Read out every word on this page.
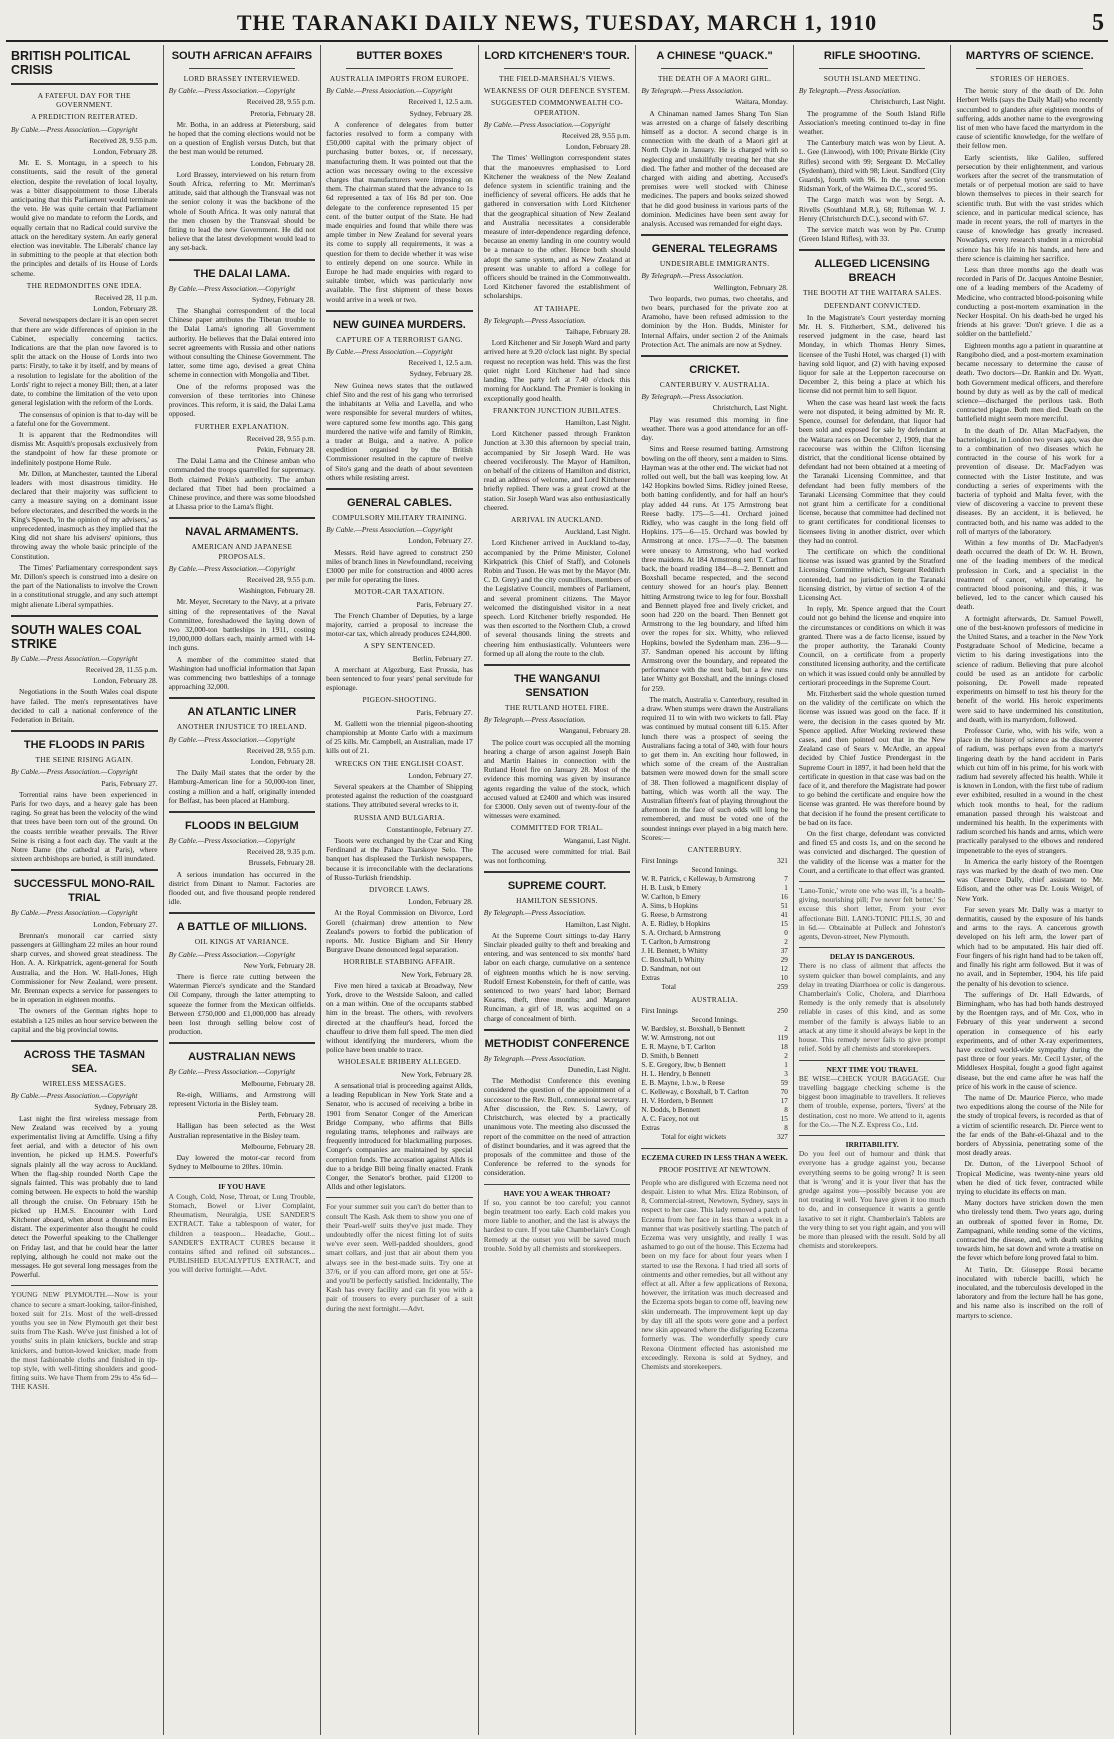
THE TARANAKI DAILY NEWS, TUESDAY, MARCH 1, 1910	5
BRITISH POLITICAL CRISIS
A FATEFUL DAY FOR THE GOVERNMENT.
A PREDICTION REITERATED.
By Cable.—Press Association.—Copyright
Received 28, 9.55 p.m.
London, February 28.

Mr. E. S. Montagu, in a speech to his constituents, said the result of the general election, despite the revelation of local loyalty, was a bitter disappointment to those Liberals anticipating that this Parliament would terminate the veto. He was quite certain that Parliament would give no mandate to reform the Lords, and equally certain that no Radical could survive the attack on the hereditary system. An early general election was inevitable. The Liberals' chance lay in submitting to the people at that election both the principles and details of its House of Lords scheme.

THE REDMONDITES ONE IDEA.
Received 28, 11 p.m.
London, February 28.

Several newspapers declare it is an open secret that there are wide differences of opinion in the Cabinet, especially concerning tactics. Indications are that the plan now favored is to split the attack on the House of Lords into two parts: Firstly, to take it by itself, and by means of a resolution to legislate for the abolition of the Lords' right to reject a money Bill; then, at a later date, to combine the limitation of the veto upon general legislation with the reform of the Lords.

The consensus of opinion is that to-day will be a fateful one for the Government.

It is apparent that the Redmondites will dismiss Mr. Asquith's proposals exclusively from the standpoint of how far these promote or indefinitely postpone Home Rule.

Mr. Dillon, at Manchester, taunted the Liberal leaders with most disastrous timidity. He declared that their majority was sufficient to carry a measure saying on a dominant issue before electorates, and described the words in the King's Speech, 'in the opinion of my advisers,' as unprecedented, inasmuch as they implied that the King did not share his advisers' opinions, thus throwing away the whole basic principle of the Constitution.

The Times' Parliamentary correspondent says Mr. Dillon's speech is construed into a desire on the part of the Nationalists to involve the Crown in a constitutional struggle, and any such attempt might alienate Liberal sympathies.

SOUTH WALES COAL STRIKE
By Cable.—Press Association.—Copyright
Received 28, 11.55 p.m.
London, February 28.

Negotiations in the South Wales coal dispute have failed. The men's representatives have decided to call a national conference of the Federation in Britain.

THE FLOODS IN PARIS
THE SEINE RISING AGAIN.
By Cable.—Press Association.—Copyright
Paris, February 27.

Torrential rains have been experienced in Paris for two days, and a heavy gale has been raging. So great has been the velocity of the wind that trees have been torn out of the ground. On the coasts terrible weather prevails. The River Seine is rising a foot each day. The vault at the Notre Dame (the cathedral at Paris), where sixteen archbishops are buried, is still inundated.

SUCCESSFUL MONO-RAIL TRIAL
By Cable.—Press Association.—Copyright
London, February 27.

Brennan's monorail car carried sixty passengers at Gillingham 22 miles an hour round sharp curves, and showed great steadiness. The Hon. A. A. Kirkpatrick, agent-general for South Australia, and the Hon. W. Hall-Jones, High Commissioner for New Zealand, were present. Mr. Brennan expects a service for passengers to be in operation in eighteen months.

The owners of the German rights hope to establish a 125 miles an hour service between the capital and the big provincial towns.

ACROSS THE TASMAN SEA.
WIRELESS MESSAGES.
By Cable.—Press Association.—Copyright
Sydney, February 28.

Last night the first wireless message from New Zealand was received by a young experimentalist living at Arncliffe. Using a fifty feet aerial, and with a detector of his own invention, he picked up H.M.S. Powerful's signals plainly all the way across to Auckland. When the flag-ship rounded North Cape the signals fainted. This was probably due to land coming between. He expects to hold the warship all through the cruise. On February 15th he picked up H.M.S. Encounter with Lord Kitchener aboard, when about a thousand miles distant. The experimenter also thought he could detect the Powerful speaking to the Challenger on Friday last, and that he could hear the latter replying, although he could not make out the messages. He got several long messages from the Powerful.

YOUNG NEW PLYMOUTH.—Now is your chance to secure a smart-looking, tailor-finished, boxed suit for 21s. Most of the well-dressed youths you see in New Plymouth get their best suits from The Kash. We've just finished a lot of youths' suits in plain knickers, buckle and strap knickers, and button-lowed knicker, made from the most fashionable cloths and finished in tip-top style, with well-fitting shoulders and good-fitting suits. We have Them from 29s to 45s 6d—THE KASH.

SOUTH AFRICAN AFFAIRS
LORD BRASSEY INTERVIEWED.
By Cable.—Press Association.—Copyright
Received 28, 9.55 p.m.
Pretoria, February 28.

Mr. Botha, in an address at Pietersburg, said he hoped that the coming elections would not be on a question of English versus Dutch, but that the best man would be returned.

London, February 28.

Lord Brassey, interviewed on his return from South Africa, referring to Mr. Merriman's attitude, said that although the Transvaal was not the senior colony it was the backbone of the whole of South Africa. It was only natural that the men chosen by the Transvaal should be fitting to lead the new Government. He did not believe that the latest development would lead to any set-back.

THE DALAI LAMA.
By Cable.—Press Association.—Copyright
Sydney, February 28.

The Shanghai correspondent of the local Chinese paper attributes the Tibetan trouble to the Dalai Lama's ignoring all Government authority. He believes that the Dalai entered into secret agreements with Russia and other nations without consulting the Chinese Government. The latter, some time ago, devised a great China scheme in connection with Mongolia and Tibet.

One of the reforms proposed was the conversion of these territories into Chinese provinces. This reform, it is said, the Dalai Lama opposed.

FURTHER EXPLANATION.
Received 28, 9.55 p.m.
Pekin, February 28.

The Dalai Lama and the Chinese amban who commanded the troops quarrelled for supremacy. Both claimed Pekin's authority. The amban declared that Tibet had been proclaimed a Chinese province, and there was some bloodshed at Lhassa prior to the Lama's flight.

NAVAL ARMAMENTS.
AMERICAN AND JAPANESE PROPOSALS.
By Cable.—Press Association.—Copyright
Received 28, 9.55 p.m.
Washington, February 28.

Mr. Meyer, Secretary to the Navy, at a private sitting of the representatives of the Naval Committee, foreshadowed the laying down of two 32,000-ton battleships in 1911, costing 19,000,000 dollars each, mainly armed with 14-inch guns.

A member of the committee stated that Washington had unofficial information that Japan was commencing two battleships of a tonnage approaching 32,000.

AN ATLANTIC LINER
ANOTHER INJUSTICE TO IRELAND.
By Cable.—Press Association.—Copyright
Received 28, 9.55 p.m.
London, February 28.

The Daily Mail states that the order by the Hamburg-American line for a 50,000-ton liner, costing a million and a half, originally intended for Belfast, has been placed at Hamburg.

FLOODS IN BELGIUM
By Cable.—Press Association.—Copyright
Received 28, 9.35 p.m.
Brussels, February 28.

A serious inundation has occurred in the district from Dinant to Namur. Factories are flooded out, and five thousand people rendered idle.

A BATTLE OF MILLIONS.
OIL KINGS AT VARIANCE.
By Cable.—Press Association.—Copyright
New York, February 28.

There is fierce rate cutting between the Waterman Pierce's syndicate and the Standard Oil Company, through the latter attempting to squeeze the former from the Mexican oilfields. Between £750,000 and £1,000,000 has already been lost through selling below cost of production.

AUSTRALIAN NEWS
By Cable.—Press Association.—Copyright
Melbourne, February 28.

Re-eigh, Williams, and Armstrong will represent Victoria in the Bisley team.

Perth, February 28.

Halligan has been selected as the West Australian representative in the Bisley team.

Melbourne, February 28.

Day lowered the motor-car record from Sydney to Melbourne to 20hrs. 10min.

IF YOU HAVE

A Cough, Cold, Nose, Throat, or Lung Trouble, Stomach, Bowel or Liver Complaint, Rheumatism, Neuralgia, USE SANDER'S EXTRACT. Take a tablespoon of water, for children a teaspoon... Headache, Gout... SANDER'S EXTRACT CURES because it contains sifted and refined oil substances... PUBLISHED EUCALYPTUS EXTRACT, and you will derive fortnight.—Advt.

BUTTER BOXES
AUSTRALIA IMPORTS FROM EUROPE.
By Cable.—Press Association.—Copyright
Received 1, 12.5 a.m.
Sydney, February 28.

A conference of delegates from butter factories resolved to form a company with £50,000 capital with the primary object of purchasing butter boxes, or, if necessary, manufacturing them. It was pointed out that the action was necessary owing to the excessive charges that manufacturers were imposing on them. The chairman stated that the advance to 1s 6d represented a tax of 16s 8d per ton. One delegate to the conference represented 15 per cent. of the butter output of the State. He had made enquiries and found that while there was ample timber in New Zealand for several years its come to supply all requirements, it was a question for them to decide whether it was wise to entirely depend on one source. While in Europe he had made enquiries with regard to suitable timber, which was particularly now available. The first shipment of these boxes would arrive in a week or two.

NEW GUINEA MURDERS.
CAPTURE OF A TERRORIST GANG.
By Cable.—Press Association.—Copyright
Received 1, 12.5 a.m.
Sydney, February 28.

New Guinea news states that the outlawed chief Sito and the rest of his gang who terrorised the inhabitants at Velia and Lavella, and who were responsible for several murders of whites, were captured some few months ago. This gang murdered the native wife and family of Rimkin, a trader at Buiga, and a native. A police expedition organised by the British Commissioner resulted in the capture of twelve of Sito's gang and the death of about seventeen others while resisting arrest.

GENERAL CABLES.
COMPULSORY MILITARY TRAINING.
By Cable.—Press Association.—Copyright
London, February 27.

Messrs. Reid have agreed to construct 250 miles of branch lines in Newfoundland, receiving £3000 per mile for construction and 4000 acres per mile for operating the lines.

MOTOR-CAR TAXATION.
Paris, February 27.

The French Chamber of Deputies, by a large majority, carried a proposal to increase the motor-car tax, which already produces £244,800.

A SPY SENTENCED.
Berlin, February 27.

A merchant at Algezburg, East Prussia, has been sentenced to four years' penal servitude for espionage.

PIGEON-SHOOTING.
Paris, February 27.

M. Galletti won the triennial pigeon-shooting championship at Monte Carlo with a maximum of 25 kills. Mr. Campbell, an Australian, made 17 kills out of 21.

WRECKS ON THE ENGLISH COAST.
London, February 27.

Several speakers at the Chamber of Shipping protested against the reduction of the coastguard stations. They attributed several wrecks to it.

RUSSIA AND BULGARIA.
Constantinople, February 27.

Tsoots were exchanged by the Czar and King Ferdinand at the Palace Tsarskoye Selo. The banquet has displeased the Turkish newspapers, because it is irreconcilable with the declarations of Russo-Turkish friendship.

DIVORCE LAWS.
London, February 28.

At the Royal Commission on Divorce, Lord Gorell (chairman) drew attention to New Zealand's powers to forbid the publication of reports. Mr. Justice Bigham and Sir Henry Burgrave Deane denounced legal separation.

HORRIBLE STABBING AFFAIR.
New York, February 28.

Five men hired a taxicab at Broadway, New York, drove to the Westside Saloon, and called on a man within. One of the occupants stabbed him in the breast. The others, with revolvers directed at the chauffeur's head, forced the chauffeur to drive them full speed. The men died without identifying the murderers, whom the police have been unable to trace.

WHOLESALE BRIBERY ALLEGED.
New York, February 28.

A sensational trial is proceeding against Allds, a leading Republican in New York State and a Senator, who is accused of receiving a bribe in 1901 from Senator Conger of the American Bridge Company, who affirms that Bills regulating trams, telephones and railways are frequently introduced for blackmailing purposes. Conger's companies are maintained by special corruption funds. The accusation against Allds is due to a bridge Bill being finally enacted. Frank Conger, the Senator's brother, paid £1200 to Allds and other legislators.

For your summer suit you can't do better than to consult The Kash. Ask them to show you one of their 'Pearl-well' suits they've just made. They undoubtedly offer the nicest fitting lot of suits we've ever seen. Well-padded shoulders, good smart collars, and just that air about them you always see in the best-made suits. Try one at 37/6, or if you can afford more, get one at 55/- and you'll be perfectly satisfied. Incidentally, The Kash has every facility and can fit you with a pair of trousers to every purchaser of a suit during the next fortnight.—Advt.

LORD KITCHENER'S TOUR.
THE FIELD-MARSHAL'S VIEWS.
WEAKNESS OF OUR DEFENCE SYSTEM.
SUGGESTED COMMONWEALTH CO-OPERATION.
By Cable.—Press Association.—Copyright
Received 28, 9.55 p.m.
London, February 28.

The Times' Wellington correspondent states that the manoeuvres emphasised to Lord Kitchener the weakness of the New Zealand defence system in scientific training and the inefficiency of several officers. He adds that he gathered in conversation with Lord Kitchener that the geographical situation of New Zealand and Australia necessitates a considerable measure of inter-dependence regarding defence, because an enemy landing in one country would be a menace to the other. Hence both should adopt the same system, and as New Zealand at present was unable to afford a college for officers should be trained in the Commonwealth. Lord Kitchener favored the establishment of scholarships.

AT TAIHAPE.
By Telegraph.—Press Association.
Taihape, February 28.

Lord Kitchener and Sir Joseph Ward and party arrived here at 9.20 o'clock last night. By special request no reception was held. This was the first quiet night Lord Kitchener had had since landing. The party left at 7.40 o'clock this morning for Auckland. The Premier is looking in exceptionally good health.

FRANKTON JUNCTION JUBILATES.
Hamilton, Last Night.

Lord Kitchener passed through Frankton Junction at 3.30 this afternoon by special train, accompanied by Sir Joseph Ward. He was cheered vociferously. The Mayor of Hamilton, on behalf of the citizens of Hamilton and district, read an address of welcome, and Lord Kitchener briefly replied. There was a great crowd at the station. Sir Joseph Ward was also enthusiastically cheered.

ARRIVAL IN AUCKLAND.
Auckland, Last Night.

Lord Kitchener arrived in Auckland to-day, accompanied by the Prime Minister, Colonel Kirkpatrick (his Chief of Staff), and Colonels Robin and Tuson. He was met by the Mayor (Mr. C. D. Grey) and the city councillors, members of the Legislative Council, members of Parliament, and several prominent citizens. The Mayor welcomed the distinguished visitor in a neat speech. Lord Kitchener briefly responded. He was then escorted to the Northern Club, a crowd of several thousands lining the streets and cheering him enthusiastically. Volunteers were formed up all along the route to the club.

THE WANGANUI SENSATION
THE RUTLAND HOTEL FIRE.
By Telegraph.—Press Association.
Wanganui, February 28.

The police court was occupied all the morning hearing a charge of arson against Joseph Bain and Martin Haines in connection with the Rutland Hotel fire on January 28. Most of the evidence this morning was given by insurance agents regarding the value of the stock, which accused valued at £2400 and which was insured for £3000. Only seven out of twenty-four of the witnesses were examined.

COMMITTED FOR TRIAL.
Wanganui, Last Night.

The accused were committed for trial. Bail was not forthcoming.

SUPREME COURT.
HAMILTON SESSIONS.
By Telegraph.—Press Association.
Hamilton, Last Night.

At the Supreme Court sittings to-day Harry Sinclair pleaded guilty to theft and breaking and entering, and was sentenced to six months' hard labor on each charge, cumulative on a sentence of eighteen months which he is now serving. Rudolf Ernest Kobenstein, for theft of cattle, was sentenced to two years' hard labor; Bernard Kearns, theft, three months; and Margaret Runciman, a girl of 18, was acquitted on a charge of concealment of birth.

METHODIST CONFERENCE
By Telegraph.—Press Association.
Dunedin, Last Night.

The Methodist Conference this evening considered the question of the appointment of a successor to the Rev. Bull, connexional secretary. After discussion, the Rev. S. Lawry, of Christchurch, was elected by a practically unanimous vote. The meeting also discussed the report of the committee on the need of attraction of distinct boundaries, and it was agreed that the proposals of the committee and those of the Conference be referred to the synods for consideration.

HAVE YOU A WEAK THROAT?

If so, you cannot be too careful; you cannot begin treatment too early. Each cold makes you more liable to another, and the last is always the hardest to cure. If you take Chamberlain's Cough Remedy at the outset you will be saved much trouble. Sold by all chemists and storekeepers.

A CHINESE "QUACK."
THE DEATH OF A MAORI GIRL.
By Telegraph.—Press Association.
Waitara, Monday.

A Chinaman named James Shang Ton Sian was arrested on a charge of falsely describing himself as a doctor. A second charge is in connection with the death of a Maori girl at North Clyde in January. He is charged with so neglecting and unskillfully treating her that she died. The father and mother of the deceased are charged with aiding and abetting. Accused's premises were well stocked with Chinese medicines. The papers and books seized showed that he did good business in various parts of the dominion. Medicines have been sent away for analysis. Accused was remanded for eight days.

GENERAL TELEGRAMS
UNDESIRABLE IMMIGRANTS.
By Telegraph.—Press Association.
Wellington, February 28.

Two leopards, two pumas, two cheetahs, and two bears, purchased for the private zoo at Aramoho, have been refused admission to the dominion by the Hon. Budds, Minister for Internal Affairs, under section 2 of the Animals Protection Act. The animals are now at Sydney.

CRICKET.
CANTERBURY V. AUSTRALIA.
By Telegraph.—Press Association.
Christchurch, Last Night.

Play was resumed this morning in fine weather. There was a good attendance for an off-day.

Sims and Reese resumed batting. Armstrong bowling on the off theory, sent a maiden to Sims. Hayman was at the other end. The wicket had not rolled out well, but the ball was keeping low. At 142 Hopkins bowled Sims. Ridley joined Reese, both batting confidently, and for half an hour's play added 44 runs. At 175 Armstrong beat Reese badly. 175—5—41. Orchard joined Ridley, who was caught in the long field off Hopkins. 175—6—15. Orchard was bowled by Armstrong at once. 175—7—0. The batsmen were uneasy to Armstrong, who had worked three maidens. At 184 Armstrong sent T. Carlton back, the board reading 184—8—2. Bennett and Boxshall became respected, and the second century showed for an hour's play. Bennett hitting Armstrong twice to leg for four. Boxshall and Bennett played free and lively cricket, and soon had 220 on the board. Then Bennett got Armstrong to the leg boundary, and lifted him over the ropes for six. Whitty, who relieved Hopkins, bowled the Sydenham man. 236—9—37. Sandman opened his account by lifting Armstrong over the boundary, and repeated the performance with the next ball, but a few runs later Whitty got Boxshall, and the innings closed for 259.

The match, Australia v. Canterbury, resulted in a draw. When stumps were drawn the Australians required 11 to win with two wickets to fall. Play was continued by mutual consent till 6.15. After lunch there was a prospect of seeing the Australians facing a total of 340, with four hours to get them in. An exciting hour followed, in which some of the cream of the Australian batsmen were mowed down for the small score of 38. Then followed a magnificent display of batting, which was worth all the way. The Australian fifteen's feat of playing throughout the afternoon in the face of such odds will long be remembered, and must be voted one of the soundest innings ever played in a big match here. Scores:—

CANTERBURY.
First Innings	321
Second Innings.	
W. R. Patrick, c Kelleway, b Armstrong	7
H. B. Lusk, b Emery	1
W. Carlton, b Emery	16
A. Sims, b Hopkins	51
G. Reese, b Armstrong	41
A. E. Ridley, b Hopkins	15
S. A. Orchard, b Armstrong	0
T. Carlton, b Armstrong	2
J. H. Bennett, b Whitty	37
C. Boxshall, b Whitty	29
D. Sandman, not out	12
Extras	10
Total	259
AUSTRALIA.
First Innings	250
Second Innings.	
W. Bardsley, st. Boxshall, b Bennett	2
W. W. Armstrong, not out	119
E. R. Mayne, b T. Carlton	18
D. Smith, b Bennett	2
S. E. Gregory, lbw, b Bennett	1
H. L. Hendry, b Bennett	3
E. B. Mayne, 1.b.w., b Reese	59
C. Kelleway, c Boxshall, b T. Carlton	70
H. V. Hordern, b Bennett	17
N. Dodds, b Bennett	8
A. C. Facey, not out	15
Extras	8
Total for eight wickets	327
ECZEMA CURED IN LESS THAN A WEEK.
PROOF POSITIVE AT NEWTOWN.

People who are disfigured with Eczema need not despair. Listen to what Mrs. Eliza Robinson, of 8, Commercial-street, Newtown, Sydney, says in respect to her case. This lady removed a patch of Eczema from her face in less than a week in a manner that was positively startling. The patch of Eczema was very unsightly, and really I was ashamed to go out of the house. This Eczema had been on my face for about four years when I started to use the Rexona. I had tried all sorts of ointments and other remedies, but all without any effect at all. After a few applications of Rexona, however, the irritation was much decreased and the Eczema spots began to come off, leaving new skin underneath. The improvement kept up day by day till all the spots were gone and a perfect new skin appeared where the disfiguring Eczema formerly was. The wonderfully speedy cure Rexona Ointment effected has astonished me exceedingly. Rexona is sold at Sydney, and Chemists and storekeepers.

RIFLE SHOOTING.
SOUTH ISLAND MEETING.
By Telegraph.—Press Association.
Christchurch, Last Night.

The programme of the South Island Rifle Association's meeting continued to-day in fine weather.

The Canterbury match was won by Lieut. A. L. Gee (Linwood), with 100; Private Birkle (City Rifles) second with 99; Sergeant D. McCalley (Sydenham), third with 98; Lieut. Sandford (City Guards), fourth with 96. In the tyros' section Ridsman York, of the Waimea D.C., scored 95.

The Cargo match was won by Sergt. A. Rivells (Southland M.R.), 68; Rifleman W. J. Henry (Christchurch D.C.), second with 67.

The service match was won by Pte. Crump (Green Island Rifles), with 33.

ALLEGED LICENSING BREACH
THE BOOTH AT THE WAITARA SALES.
DEFENDANT CONVICTED.

In the Magistrate's Court yesterday morning Mr. H. S. Fitzherbert, S.M., delivered his reserved judgment in the case, heard last Monday, in which Thomas Henry Simes, licensee of the Tushi Hotel, was charged (1) with having sold liquor, and (2) with having exposed liquor for sale at the Lepperton racecourse on December 2, this being a place at which his license did not permit him to sell liquor.

When the case was heard last week the facts were not disputed, it being admitted by Mr. R. Spence, counsel for defendant, that liquor had been sold and exposed for sale by defendant at the Waitara races on December 2, 1909, that the racecourse was within the Clifton licensing district, that the conditional license obtained by defendant had not been obtained at a meeting of the Taranaki Licensing Committee, and that defendant had been fully members of the Taranaki Licensing Committee that they could not grant him a certificate for a conditional license, because that committee had declined not to grant certificates for conditional licenses to licensees living in another district, over which they had no control.

The certificate on which the conditional license was issued was granted by the Stratford Licensing Committee which, Sergeant Redditch contended, had no jurisdiction in the Taranaki licensing district, by virtue of section 4 of the Licensing Act.

In reply, Mr. Spence argued that the Court could not go behind the license and enquire into the circumstances or conditions on which it was granted. There was a de facto license, issued by the proper authority, the Taranaki County Council, on a certificate from a properly constituted licensing authority, and the certificate on which it was issued could only be annulled by certiorari proceedings in the Supreme Court.

Mr. Fitzherbert said the whole question turned on the validity of the certificate on which the license was issued was good on the face. If it were, the decision in the cases quoted by Mr. Spence applied. After Working reviewed these cases, and then pointed out that in the New Zealand case of Sears v. McArdle, an appeal decided by Chief Justice Prendergast in the Supreme Court in 1897, it had been held that the certificate in question in that case was bad on the face of it, and therefore the Magistrate had power to go behind the certificate and enquire how the license was granted. He was therefore bound by that decision if he found the present certificate to be bad on its face.

On the first charge, defendant was convicted and fined £5 and costs 1s, and on the second he was convicted and discharged. The question of the validity of the license was a matter for the Court, and a certificate to that effect was granted.

'Lano-Tonic,' wrote one who was ill, 'is a health-giving, nourishing pill; I've never felt better.' So excuse this short letter, From your ever affectionate Bill. LANO-TONIC PILLS, 30 and in 6d.— Obtainable at Pulleck and Johnston's agents, Devon-street, New Plymouth.

DELAY IS DANGEROUS.

There is no class of ailment that affects the system quicker than bowel complaints, and any delay in treating Diarrhoea or colic is dangerous. Chamberlain's Colic, Cholera, and Diarrhoea Remedy is the only remedy that is absolutely reliable in cases of this kind, and as some member of the family is always liable to an attack at any time it should always be kept in the house. This remedy never fails to give prompt relief. Sold by all chemists and storekeepers.

NEXT TIME YOU TRAVEL

BE WISE—CHECK YOUR BAGGAGE. Our travelling baggage checking scheme is the biggest boon imaginable to travellers. It relieves them of trouble, expense, porters, 'fivers' at the destination, cost no more. We attend to it, agents for the Co.—The N.Z. Express Co., Ltd.

IRRITABILITY.

Do you feel out of humour and think that everyone has a grudge against you, because everything seems to be going wrong? It is seen that is 'wrong' and it is your liver that has the grudge against you—possibly because you are not treating it well. You have given it too much to do, and in consequence it wants a gentle laxative to set it right. Chamberlain's Tablets are the very thing to set you right again, and you will be more than pleased with the result. Sold by all chemists and storekeepers.

MARTYRS OF SCIENCE.
STORIES OF HEROES.

The heroic story of the death of Dr. John Herbert Wells (says the Daily Mail) who recently succumbed to glanders after eighteen months of suffering, adds another name to the evergrowing list of men who have faced the martyrdom in the cause of scientific knowledge, for the welfare of their fellow men.

Early scientists, like Galileo, suffered persecution by their enlightenment, and various workers after the secret of the transmutation of metals or of perpetual motion are said to have blown themselves to pieces in their search for scientific truth. But with the vast strides which science, and in particular medical science, has made in recent years, the roll of martyrs in the cause of knowledge has greatly increased. Nowadays, every research student in a microbial science has his life in his hands, and here and there science is claiming her sacrifice.

Less than three months ago the death was recorded in Paris of Dr. Jacques Antoine Besnier, one of a leading members of the Academy of Medicine, who contracted blood-poisoning while conducting a post-mortem examination in the Necker Hospital. On his death-bed he urged his friends at his grave: 'Don't grieve. I die as a soldier on the battlefield.'

Eighteen months ago a patient in quarantine at Rangiboho died, and a post-mortem examination became necessary to determine the cause of death. Two doctors—Dr. Rankin and Dr. Wyatt, both Government medical officers, and therefore bound by duty as well as by the call of medical science—discharged the perilous task. Both contracted plague. Both men died. Death on the battlefield might seem more merciful.

In the death of Dr. Allan MacFadyen, the bacteriologist, in London two years ago, was due to a combination of two diseases which he contracted in the course of his work for a prevention of disease. Dr. MacFadyen was connected with the Lister Institute, and was conducting a series of experiments with the bacteria of typhoid and Malta fever, with the view of discovering a vaccine to prevent these diseases. By an accident, it is believed, he contracted both, and his name was added to the roll of martyrs of the laboratory.

Within a few months of Dr. MacFadyen's death occurred the death of Dr. W. H. Brown, one of the leading members of the medical profession in Cork, and a specialist in the treatment of cancer, while operating, he contracted blood poisoning, and this, it was believed, led to the cancer which caused his death.

A fortnight afterwards, Dr. Samuel Powell, one of the best-known professors of medicine in the United States, and a teacher in the New York Postgraduate School of Medicine, became a victim to his daring investigations into the science of radium. Believing that pure alcohol could be used as an antidote for carbolic poisoning, Dr. Powell made repeated experiments on himself to test his theory for the benefit of the world. His heroic experiments were said to have undermined his constitution, and death, with its martyrdom, followed.

Professor Curie, who, with his wife, won a place in the history of science as the discoverer of radium, was perhaps even from a martyr's lingering death by the hand accident in Paris which cut him off in his prime, for his work with radium had severely affected his health. While it is known in London, with the first tube of radium ever exhibited, resulted in a wound in the chest which took months to heal, for the radium emanation passed through his waistcoat and undermined his health. In the experiments with radium scorched his hands and arms, which were practically paralysed to the elbows and rendered impenetrable to the eyes of strangers.

In America the early history of the Roentgen rays was marked by the death of two men. One was Clarence Dally, chief assistant to Mr. Edison, and the other was Dr. Louis Weigel, of New York.

For seven years Mr. Dally was a martyr to dermatitis, caused by the exposure of his hands and arms to the rays. A cancerous growth developed on his left arm, the lower part of which had to be amputated. His hair died off. Four fingers of his right hand had to be taken off, and finally his right arm followed. But it was of no avail, and in September, 1904, his life paid the penalty of his devotion to science.

The sufferings of Dr. Hall Edwards, of Birmingham, who has had both hands destroyed by the Roentgen rays, and of Mr. Cox, who in February of this year underwent a second operation in consequence of his early experiments, and of other X-ray experimenters, have excited world-wide sympathy during the past three or four years. Mr. Cecil Lyster, of the Middlesex Hospital, fought a good fight against disease, but the end came after he was half the price of his work in the cause of science.

The name of Dr. Maurice Pierce, who made two expeditions along the course of the Nile for the study of tropical fevers, is recorded as that of a victim of scientific research. Dr. Pierce went to the far ends of the Bahr-el-Ghazal and to the borders of Abyssinia, penetrating some of the most deadly areas.

Dr. Dutton, of the Liverpool School of Tropical Medicine, was twenty-nine years old when he died of tick fever, contracted while trying to elucidate its effects on man.

Many doctors have stricken down the men who tirelessly tend them. Two years ago, during an outbreak of spotted fever in Rome, Dr. Zampagnani, while tending some of the victims, contracted the disease, and, with death striking towards him, he sat down and wrote a treatise on the fever which before long proved fatal to him.

At Turin, Dr. Giuseppe Rossi became inoculated with tubercle bacilli, which he inoculated, and the tuberculosis developed in the laboratory and from the lecture hall he has gone, and his name also is inscribed on the roll of martyrs to science.
